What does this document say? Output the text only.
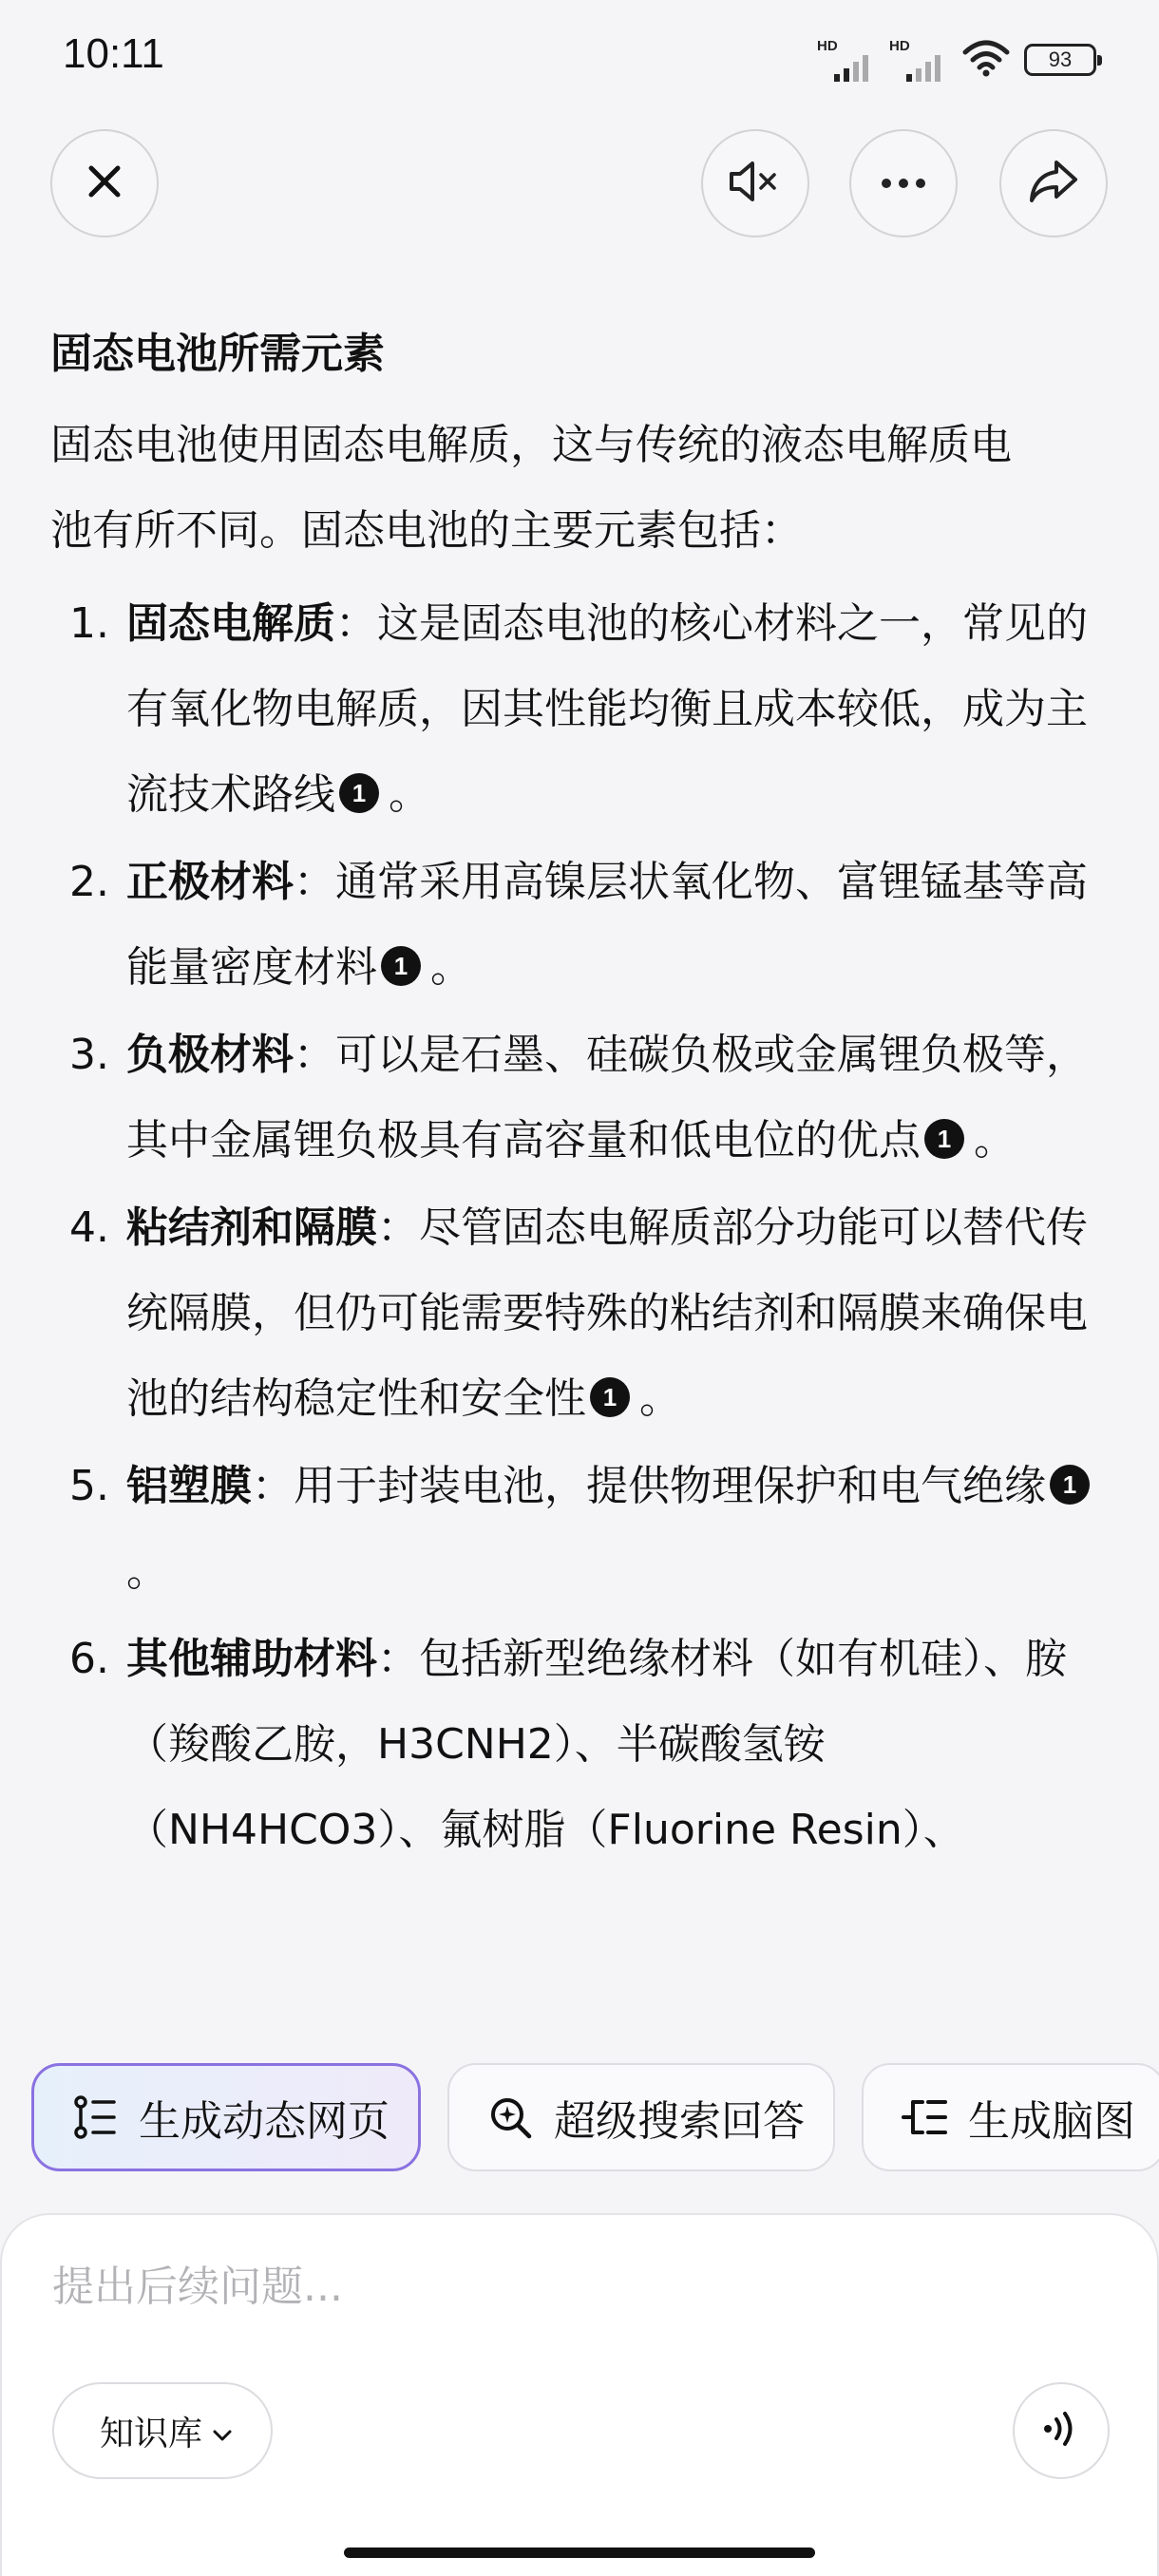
10:11	HD	HD
93
固态电池所需元素
固态电池使用固态电解质，这与传统的液态电解质电
池有所不同。固态电池的主要元素包括：
1. 固态电解质：这是固态电池的核心材料之一，常见的有氧化物电解质，因其性能均衡且成本较低，成为主流技术路线 1 。
2. 正极材料：通常采用高镍层状氧化物、富锂锰基等高能量密度材料 1 。
3. 负极材料：可以是石墨、硅碳负极或金属锂负极等，其中金属锂负极具有高容量和低电位的优点 1 。
4. 粘结剂和隔膜：尽管固态电解质部分功能可以替代传统隔膜，但仍可能需要特殊的粘结剂和隔膜来确保电池的结构稳定性和安全性 1 。
5. 铝塑膜：用于封装电池，提供物理保护和电气绝缘 1。
6. 其他辅助材料：包括新型绝缘材料（如有机硅）、胺（羧酸乙胺，H3CNH2）、半碳酸氢铵（NH4HCO3）、氟树脂（Fluorine Resin）、
生成动态网页	超级搜索回答	生成脑图
提出后续问题...
知识库
